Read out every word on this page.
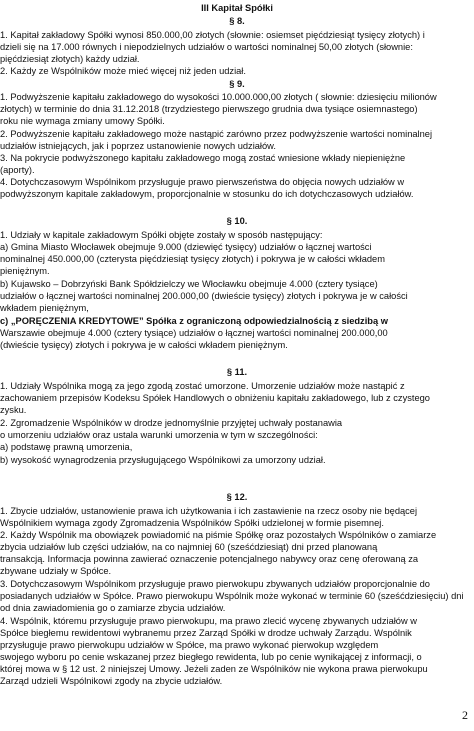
III Kapitał Spółki
§ 8.
1. Kapitał zakładowy Spółki wynosi 850.000,00 złotych (słownie: osiemset pięćdziesiąt tysięcy złotych) i
dzieli się na 17.000 równych i niepodzielnych udziałów o wartości nominalnej 50,00 złotych (słownie:
pięćdziesiąt złotych) każdy udział.
2. Każdy ze Wspólników może mieć więcej niż jeden udział.
§ 9.
1. Podwyższenie kapitału zakładowego do wysokości 10.000.000,00 złotych ( słownie: dziesięciu milionów
złotych) w terminie do dnia 31.12.2018 (trzydziestego pierwszego grudnia dwa tysiące osiemnastego)
roku nie wymaga zmiany umowy Spółki.
2. Podwyższenie kapitału zakładowego może nastąpić zarówno przez podwyższenie wartości nominalnej
udziałów istniejących, jak i poprzez ustanowienie nowych udziałów.
3. Na pokrycie podwyższonego kapitału zakładowego mogą zostać wniesione wkłady niepieniężne
(aporty).
4. Dotychczasowym Wspólnikom przysługuje prawo pierwszeństwa do objęcia nowych udziałów w
podwyższonym kapitale zakładowym, proporcjonalnie w stosunku do ich dotychczasowych udziałów.
§ 10.
1. Udziały w kapitale zakładowym Spółki objęte zostały w sposób następujący:
a) Gmina Miasto Włocławek obejmuje 9.000 (dziewięć tysięcy) udziałów o łącznej wartości
nominalnej 450.000,00 (czterysta pięćdziesiąt tysięcy złotych) i pokrywa je w całości wkładem
pieniężnym.
b) Kujawsko – Dobrzyński Bank Spółdzielczy we Włocławku obejmuje 4.000 (cztery tysiące)
udziałów o łącznej wartości nominalnej 200.000,00 (dwieście tysięcy) złotych i pokrywa je w całości
wkładem pieniężnym,
c) „PORĘCZENIA KREDYTOWE” Spółka z ograniczoną odpowiedzialnością z siedzibą w
Warszawie obejmuje 4.000 (cztery tysiące) udziałów o łącznej wartości nominalnej 200.000,00
(dwieście tysięcy) złotych i pokrywa je w całości wkładem pieniężnym.
§ 11.
1. Udziały Wspólnika mogą za jego zgodą zostać umorzone. Umorzenie udziałów może nastąpić z
zachowaniem przepisów Kodeksu Spółek Handlowych o obniżeniu kapitału zakładowego, lub z czystego
zysku.
2. Zgromadzenie Wspólników w drodze jednomyślnie przyjętej uchwały postanawia
o umorzeniu udziałów oraz ustala warunki umorzenia w tym w szczególności:
a) podstawę prawną umorzenia,
b) wysokość wynagrodzenia przysługującego Wspólnikowi za umorzony udział.
§ 12.
1. Zbycie udziałów, ustanowienie prawa ich użytkowania i ich zastawienie na rzecz osoby nie będącej
Wspólnikiem wymaga zgody Zgromadzenia Wspólników Spółki udzielonej w formie pisemnej.
2. Każdy Wspólnik ma obowiązek powiadomić na piśmie Spółkę oraz pozostałych Wspólników o zamiarze
zbycia udziałów lub części udziałów, na co najmniej 60 (sześćdziesiąt) dni przed planowaną
transakcją. Informacja powinna zawierać oznaczenie potencjalnego nabywcy oraz cenę oferowaną za
zbywane udziały w Spółce.
3. Dotychczasowym Wspólnikom przysługuje prawo pierwokupu zbywanych udziałów proporcjonalnie do
posiadanych udziałów w Spółce. Prawo pierwokupu Wspólnik może wykonać w terminie 60 (sześćdziesięciu) dni
od dnia zawiadomienia go o zamiarze zbycia udziałów.
4. Wspólnik, któremu przysługuje prawo pierwokupu, ma prawo zlecić wycenę zbywanych udziałów w
Spółce biegłemu rewidentowi wybranemu przez Zarząd Spółki w drodze uchwały Zarządu. Wspólnik
przysługuje prawo pierwokupu udziałów w Spółce, ma prawo wykonać pierwokup względem
swojego wyboru po cenie wskazanej przez biegłego rewidenta, lub po cenie wynikającej z informacji, o
której mowa w § 12 ust. 2 niniejszej Umowy. Jeżeli zaden ze Wspólników nie wykona prawa pierwokupu
Zarząd udzieli Wspólnikowi zgody na zbycie udziałów.
2
